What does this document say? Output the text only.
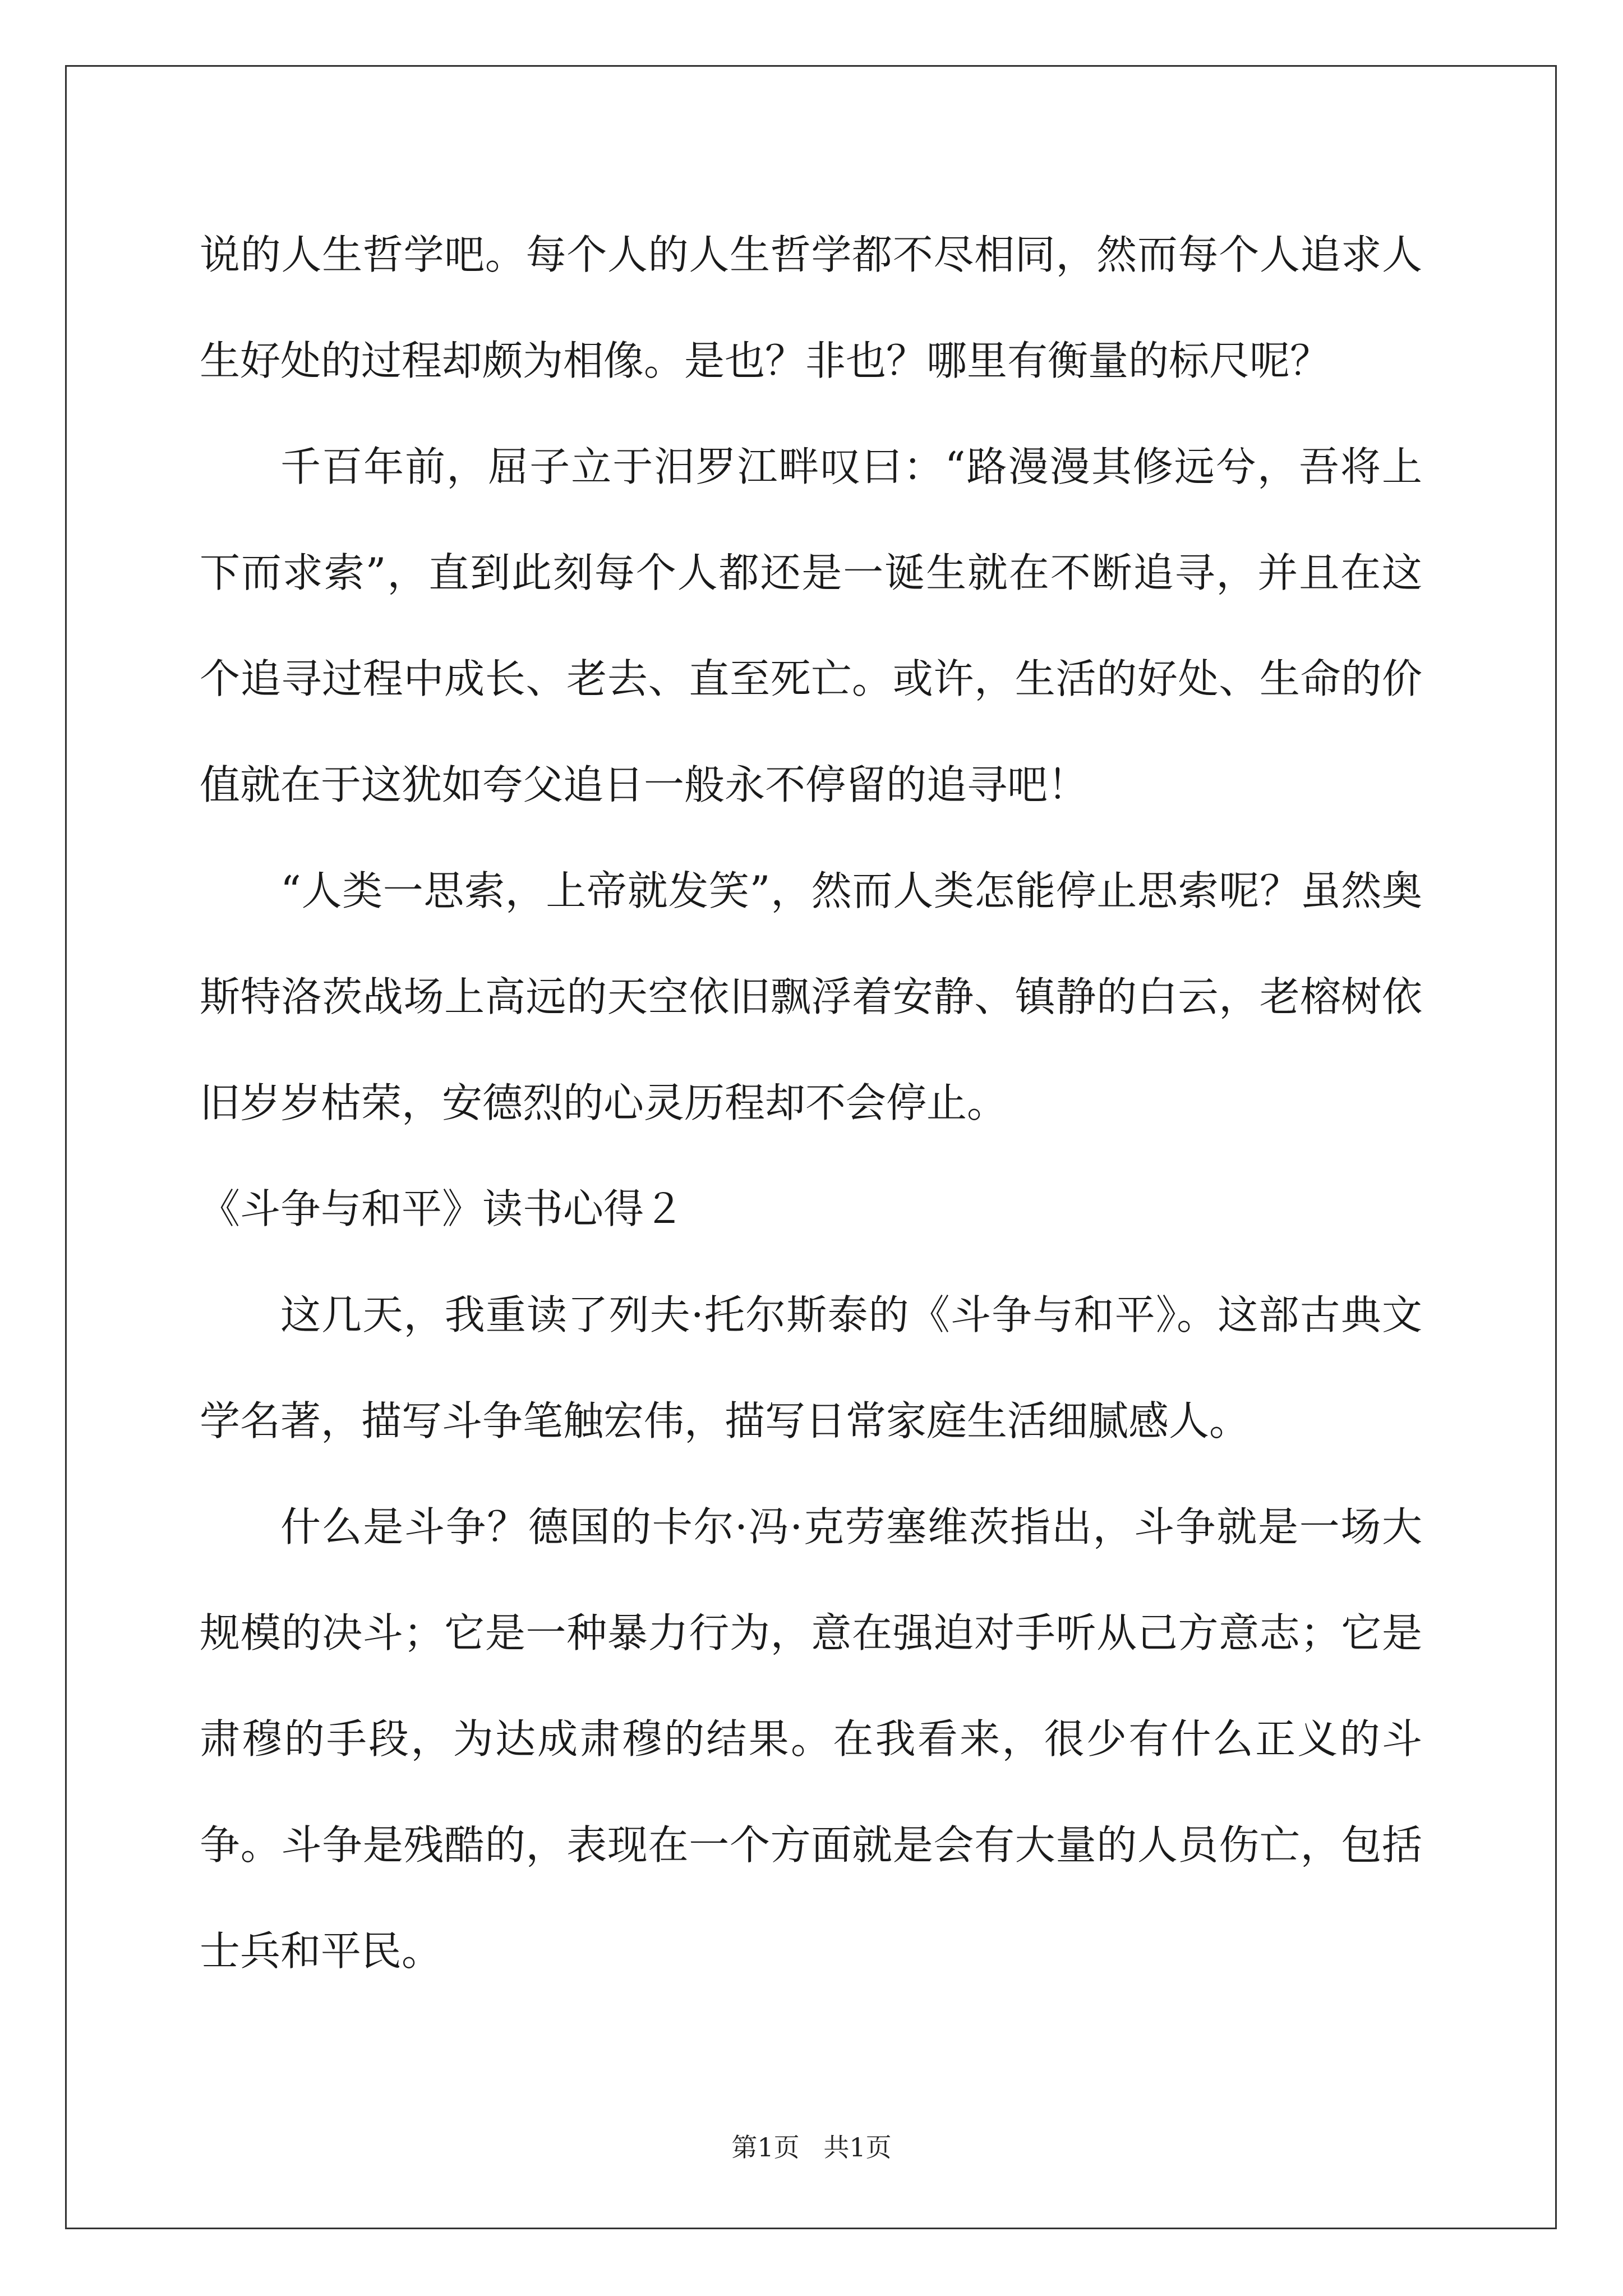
说的人生哲学吧。每个人的人生哲学都不尽相同，然而每个人追求人生好处的过程却颇为相像。是也？非也？哪里有衡量的标尺呢？

千百年前，屈子立于汨罗江畔叹曰：“路漫漫其修远兮，吾将上下而求索”，直到此刻每个人都还是一诞生就在不断追寻，并且在这个追寻过程中成长、老去、直至死亡。或许，生活的好处、生命的价值就在于这犹如夸父追日一般永不停留的追寻吧！

“人类一思索，上帝就发笑”，然而人类怎能停止思索呢？虽然奥斯特洛茨战场上高远的天空依旧飘浮着安静、镇静的白云，老榕树依旧岁岁枯荣，安德烈的心灵历程却不会停止。

《斗争与和平》读书心得２

这几天，我重读了列夫·托尔斯泰的《斗争与和平》。这部古典文学名著，描写斗争笔触宏伟，描写日常家庭生活细腻感人。

什么是斗争？德国的卡尔·冯·克劳塞维茨指出，斗争就是一场大规模的决斗；它是一种暴力行为，意在强迫对手听从己方意志；它是肃穆的手段，为达成肃穆的结果。在我看来，很少有什么正义的斗争。斗争是残酷的，表现在一个方面就是会有大量的人员伤亡，包括士兵和平民。

第1页 共1页
